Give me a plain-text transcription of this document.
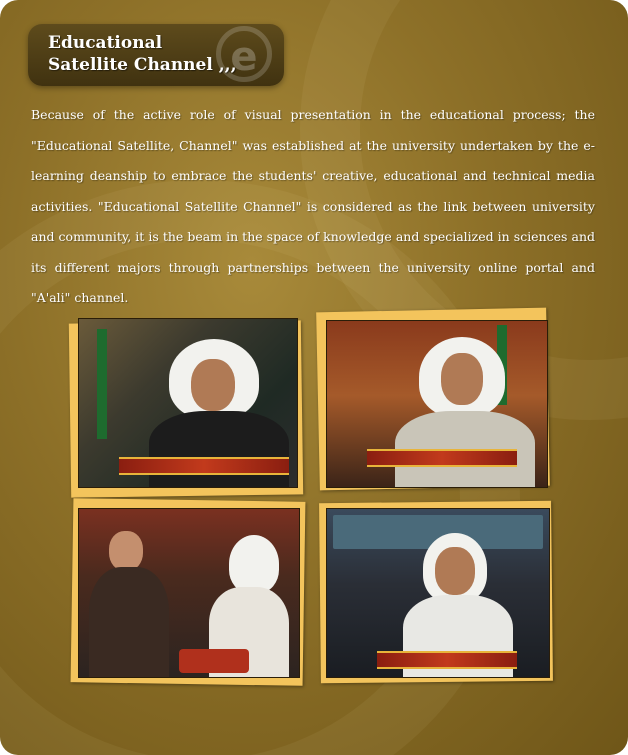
e
Educational Satellite Channel ,,,

Because of the active role of visual presentation in the educational process; the "Educational Satellite, Channel" was established at the university undertaken by the e-learning deanship to embrace the students' creative, educational and technical media activities. "Educational Satellite Channel" is considered as the link between university and community, it is the beam in the space of knowledge and specialized in sciences and its different majors through partnerships between the university online portal and "A'ali" channel.
